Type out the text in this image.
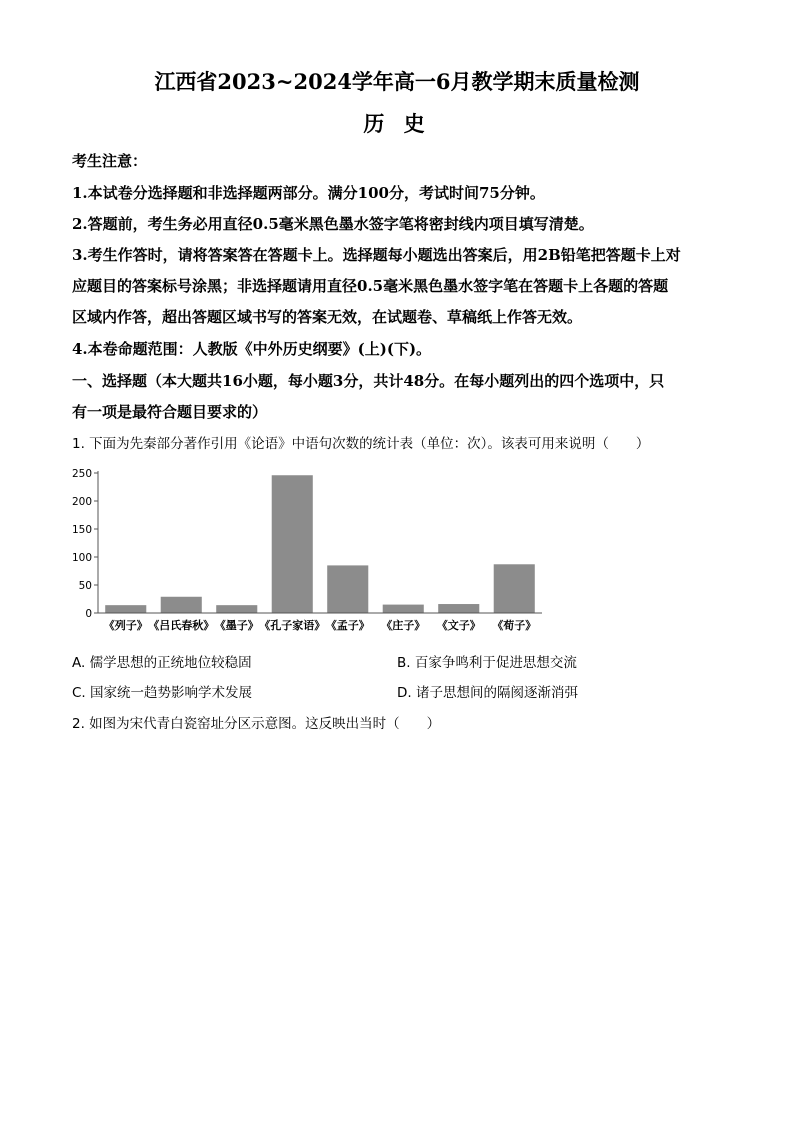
江西省2023~2024学年高一6月教学期末质量检测
历 史
考生注意：
1.本试卷分选择题和非选择题两部分。满分100分，考试时间75分钟。
2.答题前，考生务必用直径0.5毫米黑色墨水签字笔将密封线内项目填写清楚。
3.考生作答时，请将答案答在答题卡上。选择题每小题选出答案后，用2B铅笔把答题卡上对
应题目的答案标号涂黑；非选择题请用直径0.5毫米黑色墨水签字笔在答题卡上各题的答题
区域内作答，超出答题区域书写的答案无效，在试题卷、草稿纸上作答无效。
4.本卷命题范围：人教版《中外历史纲要》(上)(下)。
一、选择题（本大题共16小题，每小题3分，共计48分。在每小题列出的四个选项中，只
有一项是最符合题目要求的）
1. 下面为先秦部分著作引用《论语》中语句次数的统计表（单位：次）。该表可用来说明（　　）
0
50
100
150
200
250
《列子》 《吕氏春秋》 《墨子》 《孔子家语》 《孟子》 《庄子》 《文子》 《荀子》
A. 儒学思想的正统地位较稳固	B. 百家争鸣利于促进思想交流
C. 国家统一趋势影响学术发展	D. 诸子思想间的隔阂逐渐消弭
2. 如图为宋代青白瓷窑址分区示意图。这反映出当时（　　）
